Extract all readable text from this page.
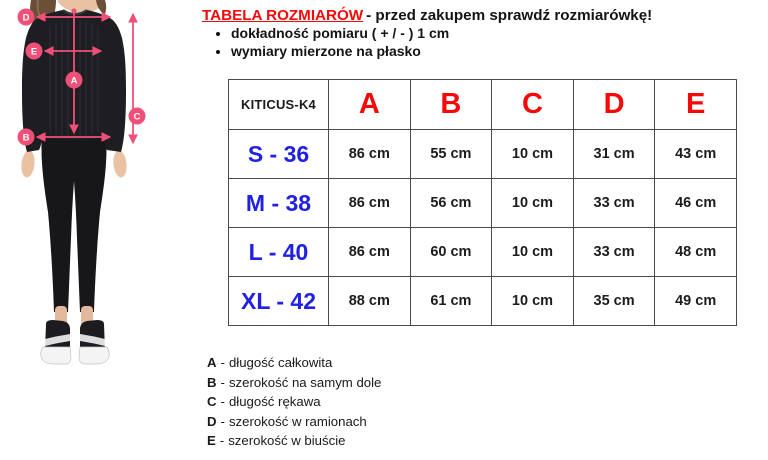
D
E
A
B
C
TABELA ROZMIARÓW - przed zakupem sprawdź rozmiarówkę!
• dokładność pomiaru ( + / - ) 1 cm
• wymiary mierzone na płasko
KITICUS-K4	A	B	C	D	E
S - 36	86 cm	55 cm	10 cm	31 cm	43 cm
M - 38	86 cm	56 cm	10 cm	33 cm	46 cm
L - 40	86 cm	60 cm	10 cm	33 cm	48 cm
XL - 42	88 cm	61 cm	10 cm	35 cm	49 cm
A - długość całkowita
B - szerokość na samym dole
C - długość rękawa
D - szerokość w ramionach
E - szerokość w biuście
